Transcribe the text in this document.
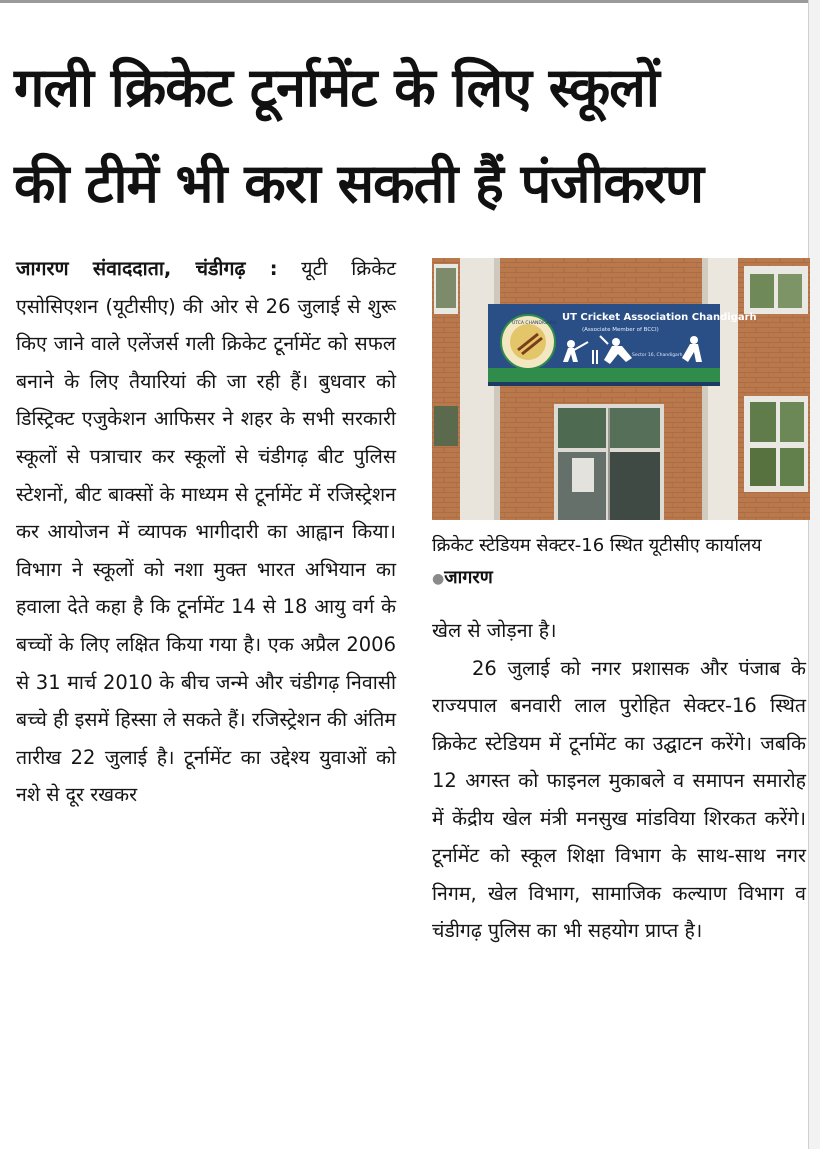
गली क्रिकेट टूर्नामेंट के लिए स्कूलों
की टीमें भी करा सकती हैं पंजीकरण

जागरण संवाददाता, चंडीगढ़ : यूटी क्रिकेट एसोसिएशन (यूटीसीए) की ओर से 26 जुलाई से शुरू किए जाने वाले एलेंजर्स गली क्रिकेट टूर्नामेंट को सफल बनाने के लिए तैयारियां की जा रही हैं। बुधवार को डिस्ट्रिक्ट एजुकेशन आफिसर ने शहर के सभी सरकारी स्कूलों से पत्राचार कर स्कूलों से चंडीगढ़ बीट पुलिस स्टेशनों, बीट बाक्सों के माध्यम से टूर्नामेंट में रजिस्ट्रेशन कर आयोजन में व्यापक भागीदारी का आह्वान किया। विभाग ने स्कूलों को नशा मुक्त भारत अभियान का हवाला देते कहा है कि टूर्नामेंट 14 से 18 आयु वर्ग के बच्चों के लिए लक्षित किया गया है। एक अप्रैल 2006 से 31 मार्च 2010 के बीच जन्मे और चंडीगढ़ निवासी बच्चे ही इसमें हिस्सा ले सकते हैं। रजिस्ट्रेशन की अंतिम तारीख 22 जुलाई है। टूर्नामेंट का उद्देश्य युवाओं को नशे से दूर रखकर

UTCA CHANDIGARH
UT Cricket Association Chandigarh
(Associate Member of BCCI)
Sector 16, Chandigarh

क्रिकेट स्टेडियम सेक्टर-16 स्थित यूटीसीए कार्यालय ●जागरण

खेल से जोड़ना है।

26 जुलाई को नगर प्रशासक और पंजाब के राज्यपाल बनवारी लाल पुरोहित सेक्टर-16 स्थित क्रिकेट स्टेडियम में टूर्नामेंट का उद्घाटन करेंगे। जबकि 12 अगस्त को फाइनल मुकाबले व समापन समारोह में केंद्रीय खेल मंत्री मनसुख मांडविया शिरकत करेंगे। टूर्नामेंट को स्कूल शिक्षा विभाग के साथ-साथ नगर निगम, खेल विभाग, सामाजिक कल्याण विभाग व चंडीगढ़ पुलिस का भी सहयोग प्राप्त है।
